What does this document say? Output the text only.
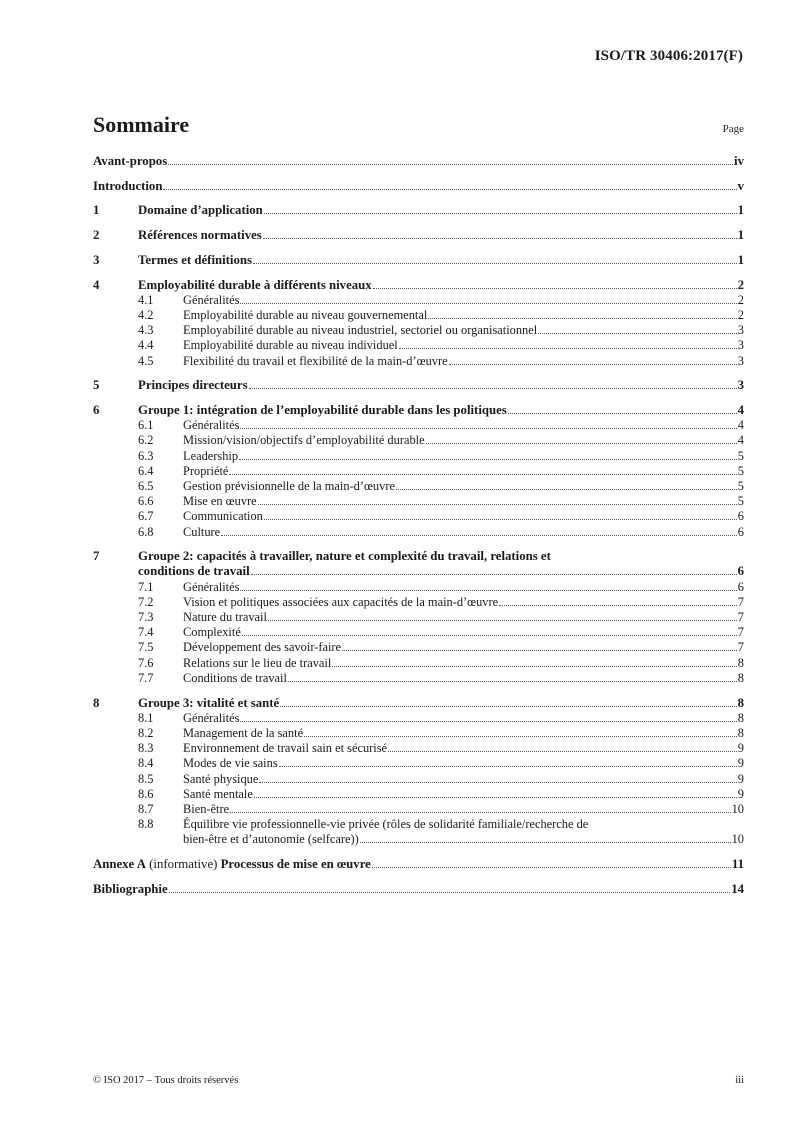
ISO/TR 30406:2017(F)
Sommaire	Page
Avant-propos	iv
Introduction	v
1	Domaine d’application	1
2	Références normatives	1
3	Termes et définitions	1
4	Employabilité durable à différents niveaux	2
4.1	Généralités	2
4.2	Employabilité durable au niveau gouvernemental	2
4.3	Employabilité durable au niveau industriel, sectoriel ou organisationnel	3
4.4	Employabilité durable au niveau individuel	3
4.5	Flexibilité du travail et flexibilité de la main-d’œuvre	3
5	Principes directeurs	3
6	Groupe 1: intégration de l’employabilité durable dans les politiques	4
6.1	Généralités	4
6.2	Mission/vision/objectifs d’employabilité durable	4
6.3	Leadership	5
6.4	Propriété	5
6.5	Gestion prévisionnelle de la main-d’œuvre	5
6.6	Mise en œuvre	5
6.7	Communication	6
6.8	Culture	6
7	Groupe 2: capacités à travailler, nature et complexité du travail, relations et
conditions de travail	6
7.1	Généralités	6
7.2	Vision et politiques associées aux capacités de la main-d’œuvre	7
7.3	Nature du travail	7
7.4	Complexité	7
7.5	Développement des savoir-faire	7
7.6	Relations sur le lieu de travail	8
7.7	Conditions de travail	8
8	Groupe 3: vitalité et santé	8
8.1	Généralités	8
8.2	Management de la santé	8
8.3	Environnement de travail sain et sécurisé	9
8.4	Modes de vie sains	9
8.5	Santé physique	9
8.6	Santé mentale	9
8.7	Bien-être	10
8.8	Équilibre vie professionnelle-vie privée (rôles de solidarité familiale/recherche de
bien-être et d’autonomie (selfcare))	10
Annexe A (informative) Processus de mise en œuvre	11
Bibliographie	14
© ISO 2017 – Tous droits réservés	iii
